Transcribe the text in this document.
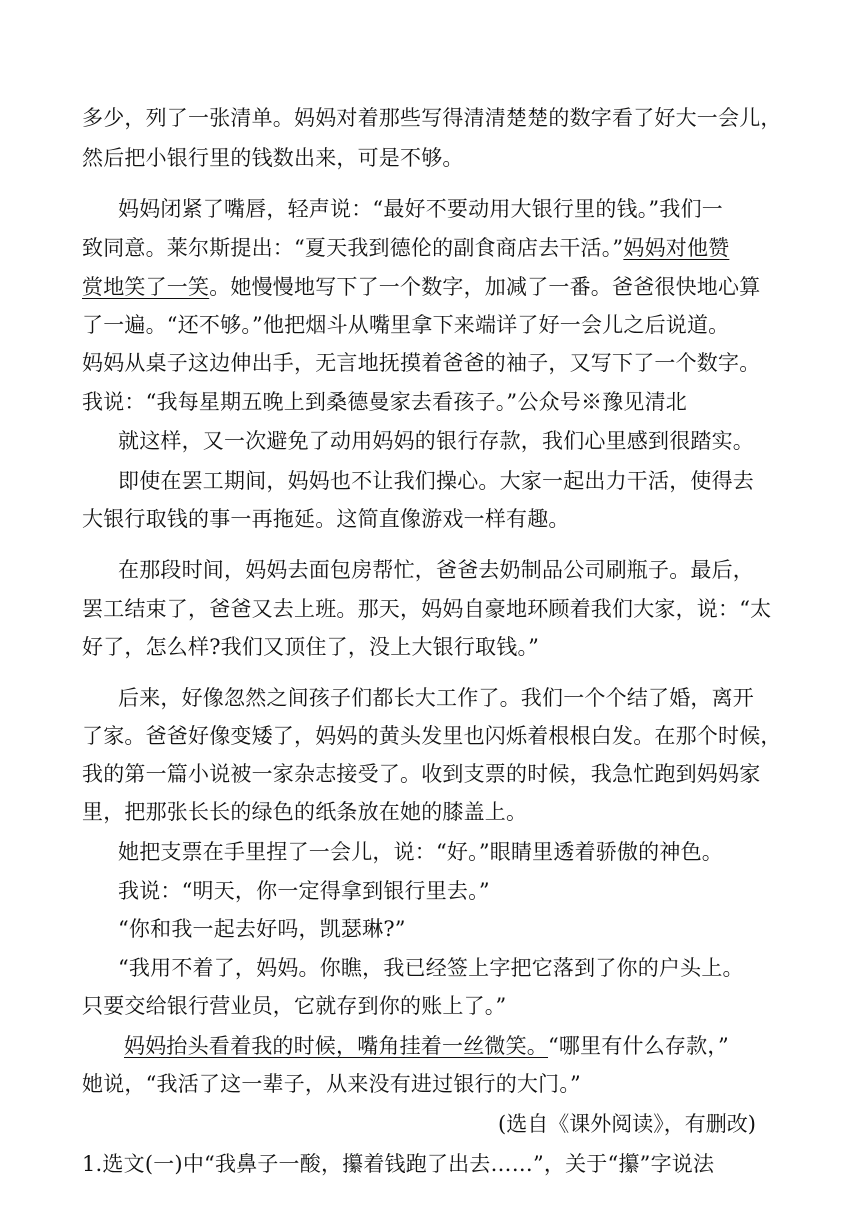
多少，列了一张清单。妈妈对着那些写得清清楚楚的数字看了好大一会儿，
然后把小银行里的钱数出来，可是不够。
妈妈闭紧了嘴唇，轻声说：“最好不要动用大银行里的钱。”我们一
致同意。莱尔斯提出：“夏天我到德伦的副食商店去干活。”妈妈对他赞
赏地笑了一笑。她慢慢地写下了一个数字，加减了一番。爸爸很快地心算
了一遍。“还不够。”他把烟斗从嘴里拿下来端详了好一会儿之后说道。
妈妈从桌子这边伸出手，无言地抚摸着爸爸的袖子，又写下了一个数字。
我说：“我每星期五晚上到桑德曼家去看孩子。”公众号※豫见清北
就这样，又一次避免了动用妈妈的银行存款，我们心里感到很踏实。
即使在罢工期间，妈妈也不让我们操心。大家一起出力干活，使得去
大银行取钱的事一再拖延。这简直像游戏一样有趣。
在那段时间，妈妈去面包房帮忙，爸爸去奶制品公司刷瓶子。最后，
罢工结束了，爸爸又去上班。那天，妈妈自豪地环顾着我们大家，说：“太
好了，怎么样?我们又顶住了，没上大银行取钱。”
后来，好像忽然之间孩子们都长大工作了。我们一个个结了婚，离开
了家。爸爸好像变矮了，妈妈的黄头发里也闪烁着根根白发。在那个时候，
我的第一篇小说被一家杂志接受了。收到支票的时候，我急忙跑到妈妈家
里，把那张长长的绿色的纸条放在她的膝盖上。
她把支票在手里捏了一会儿，说：“好。”眼睛里透着骄傲的神色。
我说：“明天，你一定得拿到银行里去。”
“你和我一起去好吗，凯瑟琳?”
“我用不着了，妈妈。你瞧，我已经签上字把它落到了你的户头上。
只要交给银行营业员，它就存到你的账上了。”
妈妈抬头看着我的时候，嘴角挂着一丝微笑。“哪里有什么存款，”
她说，“我活了这一辈子，从来没有进过银行的大门。”
(选自《课外阅读》，有删改)
1.选文(一)中“我鼻子一酸，攥着钱跑了出去……”，关于“攥”字说法
